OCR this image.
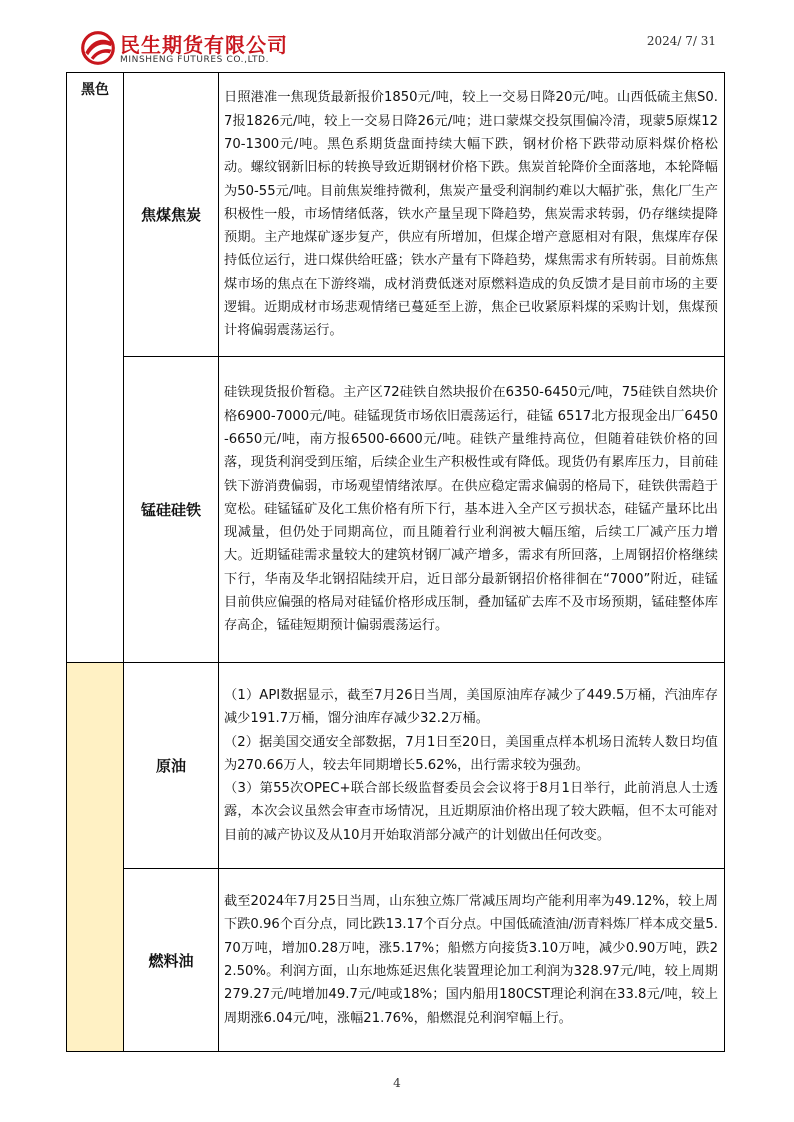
民生期货有限公司
MINSHENG FUTURES CO.,LTD.
2024/ 7/ 31
黑色	焦煤焦炭	日照港准一焦现货最新报价1850元/吨，较上一交易日降20元/吨。山西低硫主焦S0.7报1826元/吨，较上一交易日降26元/吨；进口蒙煤交投氛围偏冷清，现蒙5原煤1270-1300元/吨。黑色系期货盘面持续大幅下跌，钢材价格下跌带动原料煤价格松动。螺纹钢新旧标的转换导致近期钢材价格下跌。焦炭首轮降价全面落地，本轮降幅为50-55元/吨。目前焦炭维持微利，焦炭产量受利润制约难以大幅扩张，焦化厂生产积极性一般，市场情绪低落，铁水产量呈现下降趋势，焦炭需求转弱，仍存继续提降预期。主产地煤矿逐步复产，供应有所增加，但煤企增产意愿相对有限，焦煤库存保持低位运行，进口煤供给旺盛；铁水产量有下降趋势，煤焦需求有所转弱。目前炼焦煤市场的焦点在下游终端，成材消费低迷对原燃料造成的负反馈才是目前市场的主要逻辑。近期成材市场悲观情绪已蔓延至上游，焦企已收紧原料煤的采购计划，焦煤预计将偏弱震荡运行。

	锰硅硅铁	硅铁现货报价暂稳。主产区72硅铁自然块报价在6350-6450元/吨，75硅铁自然块价格6900-7000元/吨。硅锰现货市场依旧震荡运行，硅锰 6517北方报现金出厂6450-6650元/吨，南方报6500-6600元/吨。硅铁产量维持高位，但随着硅铁价格的回落，现货利润受到压缩，后续企业生产积极性或有降低。现货仍有累库压力，目前硅铁下游消费偏弱，市场观望情绪浓厚。在供应稳定需求偏弱的格局下，硅铁供需趋于宽松。硅锰锰矿及化工焦价格有所下行，基本进入全产区亏损状态，硅锰产量环比出现减量，但仍处于同期高位，而且随着行业利润被大幅压缩，后续工厂减产压力增大。近期锰硅需求量较大的建筑材钢厂减产增多，需求有所回落，上周钢招价格继续下行，华南及华北钢招陆续开启，近日部分最新钢招价格徘徊在“7000”附近，硅锰目前供应偏强的格局对硅锰价格形成压制，叠加锰矿去库不及市场预期，锰硅整体库存高企，锰硅短期预计偏弱震荡运行。

	原油	（1）API数据显示，截至7月26日当周，美国原油库存减少了449.5万桶，汽油库存减少191.7万桶，馏分油库存减少32.2万桶。

（2）据美国交通安全部数据，7月1日至20日，美国重点样本机场日流转人数日均值为270.66万人，较去年同期增长5.62%，出行需求较为强劲。

（3）第55次OPEC+联合部长级监督委员会会议将于8月1日举行，此前消息人士透露，本次会议虽然会审查市场情况，且近期原油价格出现了较大跌幅，但不太可能对目前的减产协议及从10月开始取消部分减产的计划做出任何改变。

	燃料油	截至2024年7月25日当周，山东独立炼厂常减压周均产能利用率为49.12%，较上周下跌0.96个百分点，同比跌13.17个百分点。中国低硫渣油/沥青料炼厂样本成交量5.70万吨，增加0.28万吨，涨5.17%；船燃方向接货3.10万吨，减少0.90万吨，跌22.50%。利润方面，山东地炼延迟焦化装置理论加工利润为328.97元/吨，较上周期279.27元/吨增加49.7元/吨或18%；国内船用180CST理论利润在33.8元/吨，较上周期涨6.04元/吨，涨幅21.76%，船燃混兑利润窄幅上行。

4
